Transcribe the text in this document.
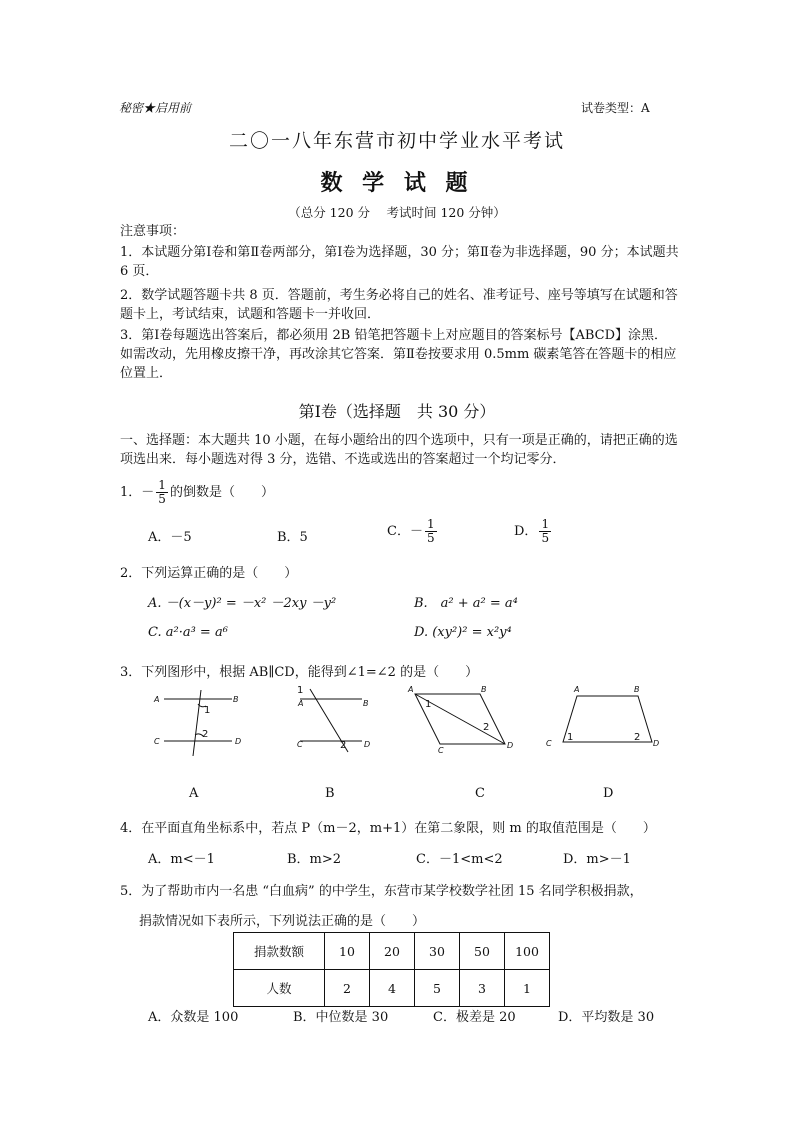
秘密★启用前	试卷类型：A
二〇一八年东营市初中学业水平考试
数 学 试 题
（总分 120 分　 考试时间 120 分钟）
注意事项：
1．本试题分第Ⅰ卷和第Ⅱ卷两部分，第Ⅰ卷为选择题，30 分；第Ⅱ卷为非选择题，90 分；本试题共 6 页．
2．数学试题答题卡共 8 页．答题前，考生务必将自己的姓名、准考证号、座号等填写在试题和答题卡上，考试结束，试题和答题卡一并收回．
3．第Ⅰ卷每题选出答案后，都必须用 2B 铅笔把答题卡上对应题目的答案标号【ABCD】涂黑．如需改动，先用橡皮擦干净，再改涂其它答案．第Ⅱ卷按要求用 0.5mm 碳素笔答在答题卡的相应位置上．
第Ⅰ卷（选择题　共 30 分）
一、选择题：本大题共 10 小题，在每小题给出的四个选项中，只有一项是正确的，请把正确的选项选出来．每小题选对得 3 分，选错、不选或选出的答案超过一个均记零分．
1．－ $\frac{1}{5}$ 的倒数是（　　）
A．－5	B．5	C．－ $\frac{1}{5}$	D． $\frac{1}{5}$
2．下列运算正确的是（　　）
A. －(x－y)² = －x² －2xy －y²	B.　a² + a² = a⁴
C. a²·a³ = a⁶	D. (xy²)² = x²y⁴
3．下列图形中，根据 AB∥CD，能得到∠1=∠2 的是（　　）
A	B
C	D
A	B
C	D
A	B
C
D
A	B
C	D
1
2
1
2
1
2
1	2
A	B	C	D
4．在平面直角坐标系中，若点 P（m－2，m+1）在第二象限，则 m 的取值范围是（　　）
A．m<－1	B．m>2	C．－1<m<2	D．m>－1
5．为了帮助市内一名患 “白血病” 的中学生，东营市某学校数学社团 15 名同学积极捐款，
捐款情况如下表所示，下列说法正确的是（　　）
捐款数额	10	20	30	50	100
人数	2	4	5	3	1
A．众数是 100	B．中位数是 30	C．极差是 20	D．平均数是 30
